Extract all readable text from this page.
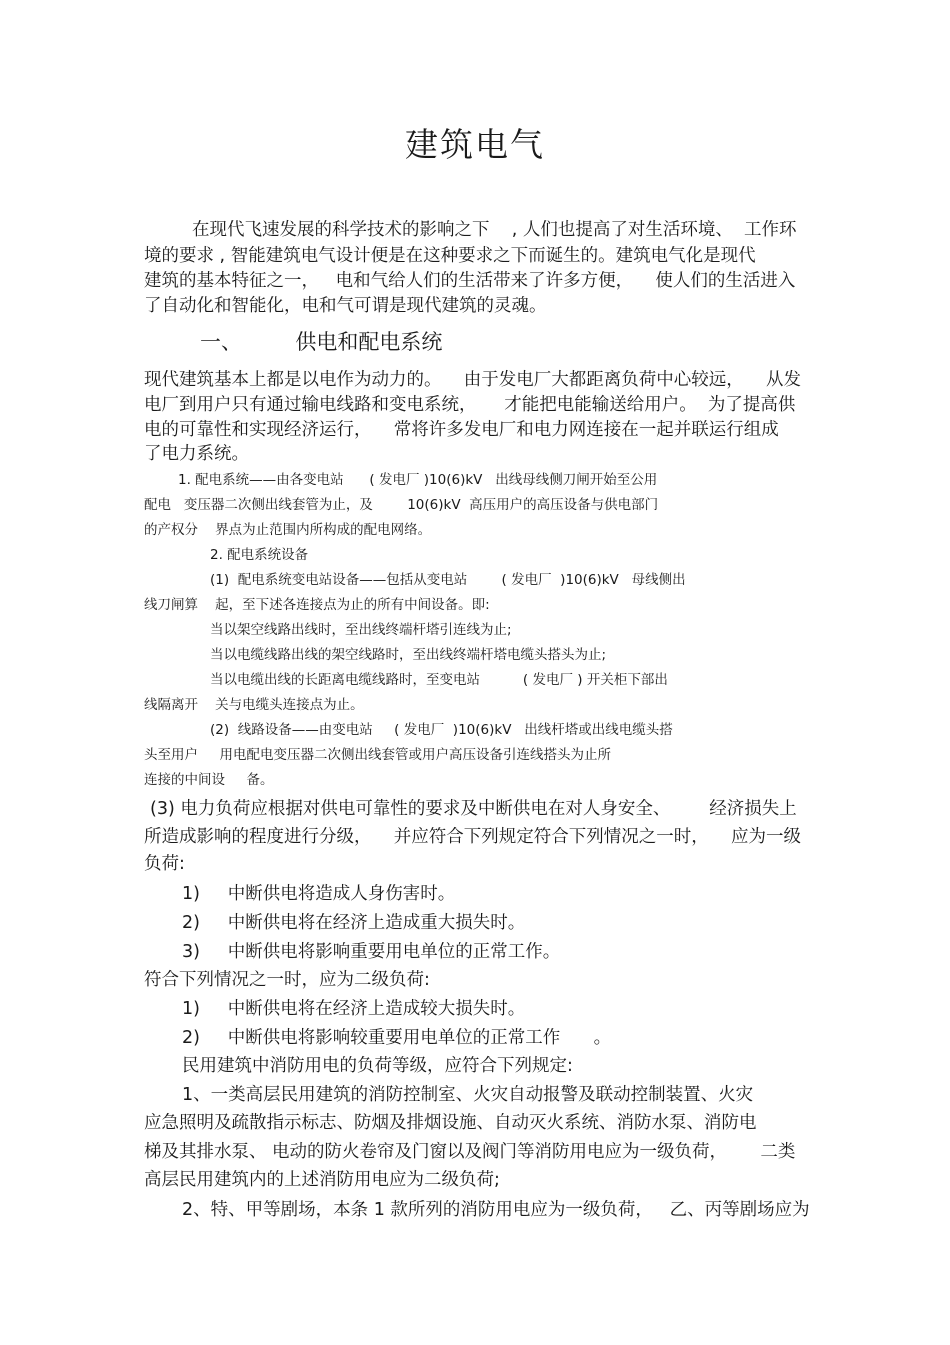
建筑电气
在现代飞速发展的科学技术的影响之下    , 人们也提高了对生活环境、  工作环
境的要求 , 智能建筑电气设计便是在这种要求之下而诞生的。建筑电气化是现代
建筑的基本特征之一，   电和气给人们的生活带来了许多方便，    使人们的生活进入
了自动化和智能化，电和气可谓是现代建筑的灵魂。
一、        供电和配电系统
现代建筑基本上都是以电作为动力的。    由于发电厂大都距离负荷中心较远，    从发
电厂到用户只有通过输电线路和变电系统，     才能把电能输送给用户。  为了提高供
电的可靠性和实现经济运行，    常将许多发电厂和电力网连接在一起并联运行组成
了电力系统。
1. 配电系统——由各变电站      ( 发电厂 )10(6)kV   出线母线侧刀闸开始至公用
配电   变压器二次侧出线套管为止，及        10(6)kV  高压用户的高压设备与供电部门
的产权分    界点为止范围内所构成的配电网络。
2. 配电系统设备
(1)  配电系统变电站设备——包括从变电站        ( 发电厂  )10(6)kV   母线侧出
线刀闸算    起，至下述各连接点为止的所有中间设备。即:
当以架空线路出线时，至出线终端杆塔引连线为止;
当以电缆线路出线的架空线路时，至出线终端杆塔电缆头搭头为止;
当以电缆出线的长距离电缆线路时，至变电站          ( 发电厂 ) 开关柜下部出
线隔离开    关与电缆头连接点为止。
(2)  线路设备——由变电站     ( 发电厂  )10(6)kV   出线杆塔或出线电缆头搭
头至用户     用电配电变压器二次侧出线套管或用户高压设备引连线搭头为止所
连接的中间设     备。
(3) 电力负荷应根据对供电可靠性的要求及中断供电在对人身安全、       经济损失上
所造成影响的程度进行分级，    并应符合下列规定符合下列情况之一时，    应为一级
负荷:
1)     中断供电将造成人身伤害时。
2)     中断供电将在经济上造成重大损失时。
3)     中断供电将影响重要用电单位的正常工作。
符合下列情况之一时，应为二级负荷:
1)     中断供电将在经济上造成较大损失时。
2)     中断供电将影响较重要用电单位的正常工作      。
民用建筑中消防用电的负荷等级，应符合下列规定:
1、一类高层民用建筑的消防控制室、火灾自动报警及联动控制装置、火灾
应急照明及疏散指示标志、防烟及排烟设施、自动灭火系统、消防水泵、消防电
梯及其排水泵、 电动的防火卷帘及门窗以及阀门等消防用电应为一级负荷，      二类
高层民用建筑内的上述消防用电应为二级负荷;
2、特、甲等剧场，本条 1 款所列的消防用电应为一级负荷，   乙、丙等剧场应为
